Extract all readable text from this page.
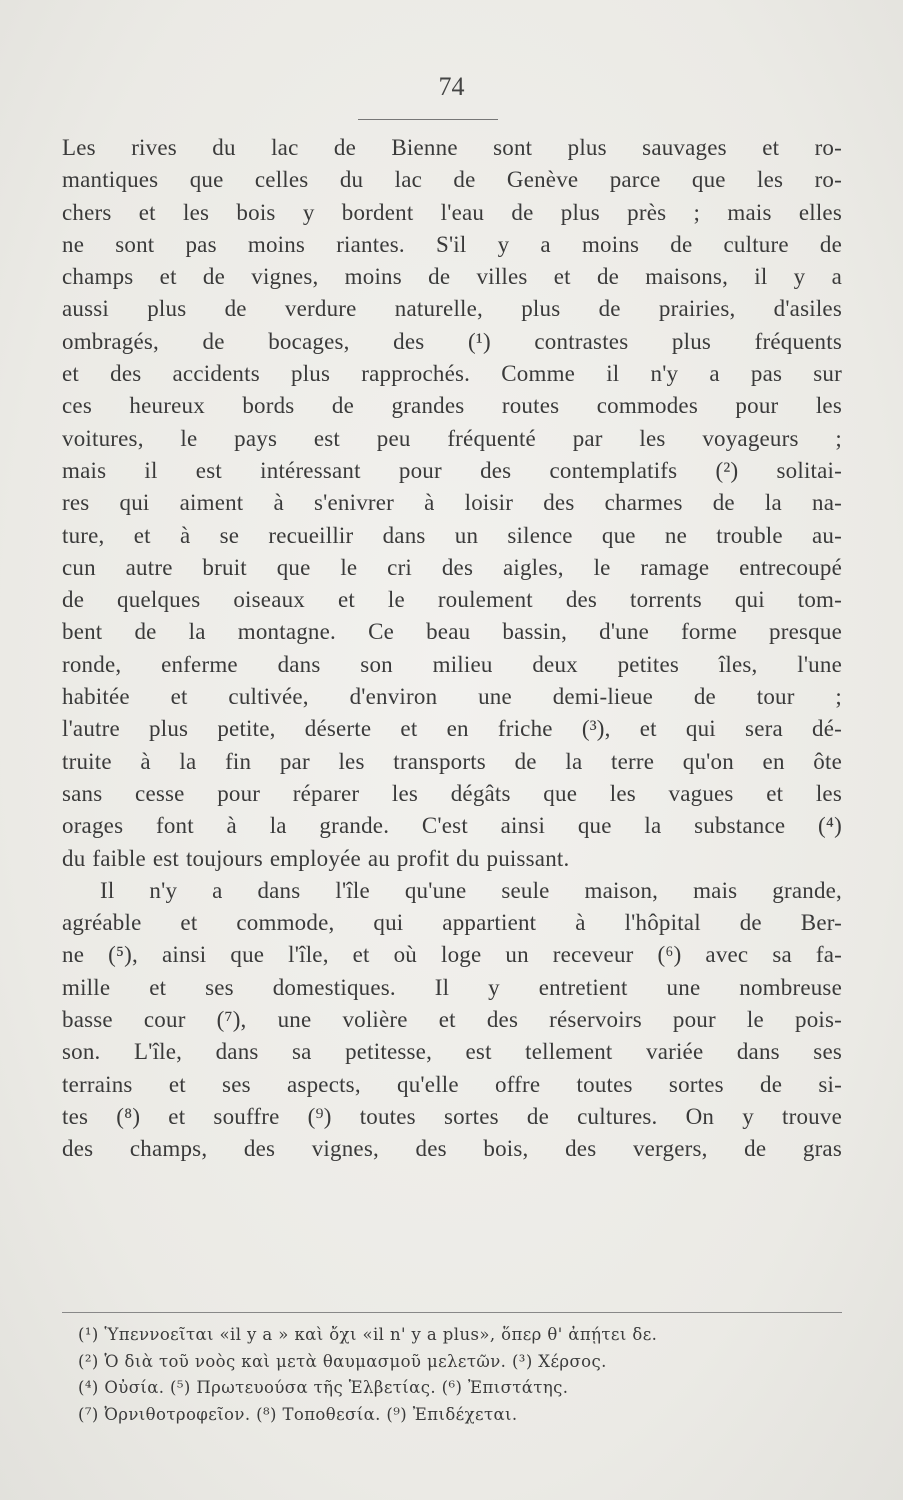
74
Les rives du lac de Bienne sont plus sauvages et ro-
mantiques que celles du lac de Genève parce que les ro-
chers et les bois y bordent l'eau de plus près ; mais elles
ne sont pas moins riantes. S'il y a moins de culture de
champs et de vignes, moins de villes et de maisons, il y a
aussi plus de verdure naturelle, plus de prairies, d'asiles
ombragés, de bocages, des (¹) contrastes plus fréquents
et des accidents plus rapprochés. Comme il n'y a pas sur
ces heureux bords de grandes routes commodes pour les
voitures, le pays est peu fréquenté par les voyageurs ;
mais il est intéressant pour des contemplatifs (²) solitai-
res qui aiment à s'enivrer à loisir des charmes de la na-
ture, et à se recueillir dans un silence que ne trouble au-
cun autre bruit que le cri des aigles, le ramage entrecoupé
de quelques oiseaux et le roulement des torrents qui tom-
bent de la montagne. Ce beau bassin, d'une forme presque
ronde, enferme dans son milieu deux petites îles, l'une
habitée et cultivée, d'environ une demi-lieue de tour ;
l'autre plus petite, déserte et en friche (³), et qui sera dé-
truite à la fin par les transports de la terre qu'on en ôte
sans cesse pour réparer les dégâts que les vagues et les
orages font à la grande. C'est ainsi que la substance (⁴)
du faible est toujours employée au profit du puissant.
Il n'y a dans l'île qu'une seule maison, mais grande,
agréable et commode, qui appartient à l'hôpital de Ber-
ne (⁵), ainsi que l'île, et où loge un receveur (⁶) avec sa fa-
mille et ses domestiques. Il y entretient une nombreuse
basse cour (⁷), une volière et des réservoirs pour le pois-
son. L'île, dans sa petitesse, est tellement variée dans ses
terrains et ses aspects, qu'elle offre toutes sortes de si-
tes (⁸) et souffre (⁹) toutes sortes de cultures. On y trouve
des champs, des vignes, des bois, des vergers, de gras
(¹) Ὑπεννοεῖται «il y a » καὶ ὄχι «il n' y a plus», ὅπερ θ' ἀπῄτει δε.
(²) Ὁ διὰ τοῦ νοὸς καὶ μετὰ θαυμασμοῦ μελετῶν. (³) Χέρσος.
(⁴) Οὐσία. (⁵) Πρωτευούσα τῆς Ἑλβετίας. (⁶) Ἐπιστάτης.
(⁷) Ὀρνιθοτροφεῖον. (⁸) Τοποθεσία. (⁹) Ἐπιδέχεται.
